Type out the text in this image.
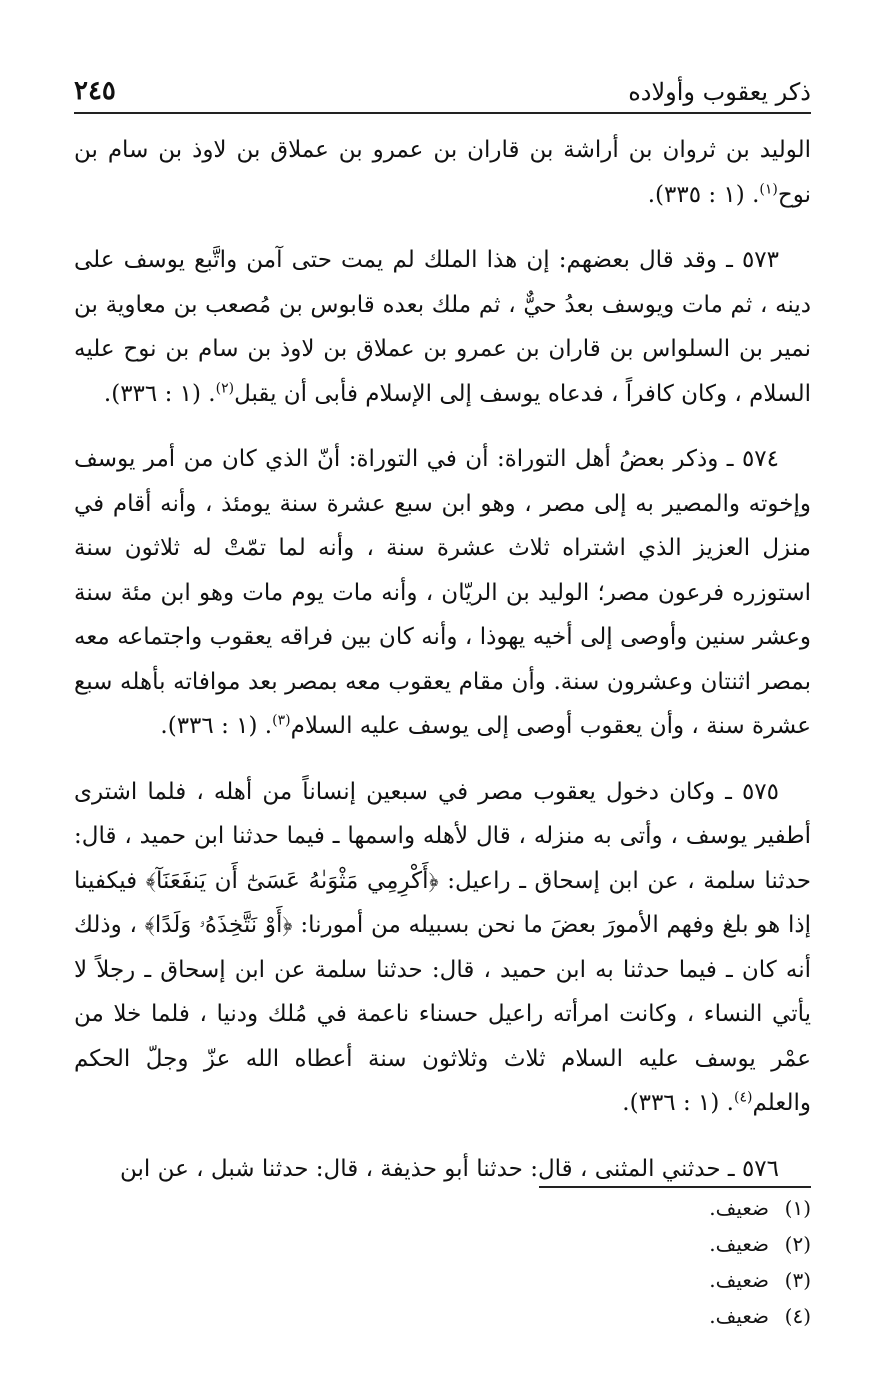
ذكر يعقوب وأولاده
٢٤٥

الوليد بن ثروان بن أراشة بن قاران بن عمرو بن عملاق بن لاوذ بن سام بن نوح$^{(١)}$. (١ : ٣٣٥).

٥٧٣ ـ وقد قال بعضهم: إن هذا الملك لم يمت حتى آمن واتَّبع يوسف على دينه ، ثم مات ويوسف بعدُ حيٌّ ، ثم ملك بعده قابوس بن مُصعب بن معاوية بن نمير بن السلواس بن قاران بن عمرو بن عملاق بن لاوذ بن سام بن نوح عليه السلام ، وكان كافراً ، فدعاه يوسف إلى الإسلام فأبى أن يقبل$^{(٢)}$. (١ : ٣٣٦).

٥٧٤ ـ وذكر بعضُ أهل التوراة: أن في التوراة: أنّ الذي كان من أمر يوسف وإخوته والمصير به إلى مصر ، وهو ابن سبع عشرة سنة يومئذ ، وأنه أقام في منزل العزيز الذي اشتراه ثلاث عشرة سنة ، وأنه لما تمّتْ له ثلاثون سنة استوزره فرعون مصر؛ الوليد بن الريّان ، وأنه مات يوم مات وهو ابن مئة سنة وعشر سنين وأوصى إلى أخيه يهوذا ، وأنه كان بين فراقه يعقوب واجتماعه معه بمصر اثنتان وعشرون سنة. وأن مقام يعقوب معه بمصر بعد موافاته بأهله سبع عشرة سنة ، وأن يعقوب أوصى إلى يوسف عليه السلام$^{(٣)}$. (١ : ٣٣٦).

٥٧٥ ـ وكان دخول يعقوب مصر في سبعين إنساناً من أهله ، فلما اشترى أطفير يوسف ، وأتى به منزله ، قال لأهله واسمها ـ فيما حدثنا ابن حميد ، قال: حدثنا سلمة ، عن ابن إسحاق ـ راعيل: ﴿أَكْرِمِي مَثْوَىٰهُ عَسَىٰٓ أَن يَنفَعَنَآ﴾ فيكفينا إذا هو بلغ وفهم الأمورَ بعضَ ما نحن بسبيله من أمورنا: ﴿أَوْ نَتَّخِذَهُۥ وَلَدًا﴾ ، وذلك أنه كان ـ فيما حدثنا به ابن حميد ، قال: حدثنا سلمة عن ابن إسحاق ـ رجلاً لا يأتي النساء ، وكانت امرأته راعيل حسناء ناعمة في مُلك ودنيا ، فلما خلا من عمْر يوسف عليه السلام ثلاث وثلاثون سنة أعطاه الله عزّ وجلّ الحكم والعلم$^{(٤)}$. (١ : ٣٣٦).

٥٧٦ ـ حدثني المثنى ، قال: حدثنا أبو حذيفة ، قال: حدثنا شبل ، عن ابن

(١)
ضعيف.
(٢)
ضعيف.
(٣)
ضعيف.
(٤)
ضعيف.
